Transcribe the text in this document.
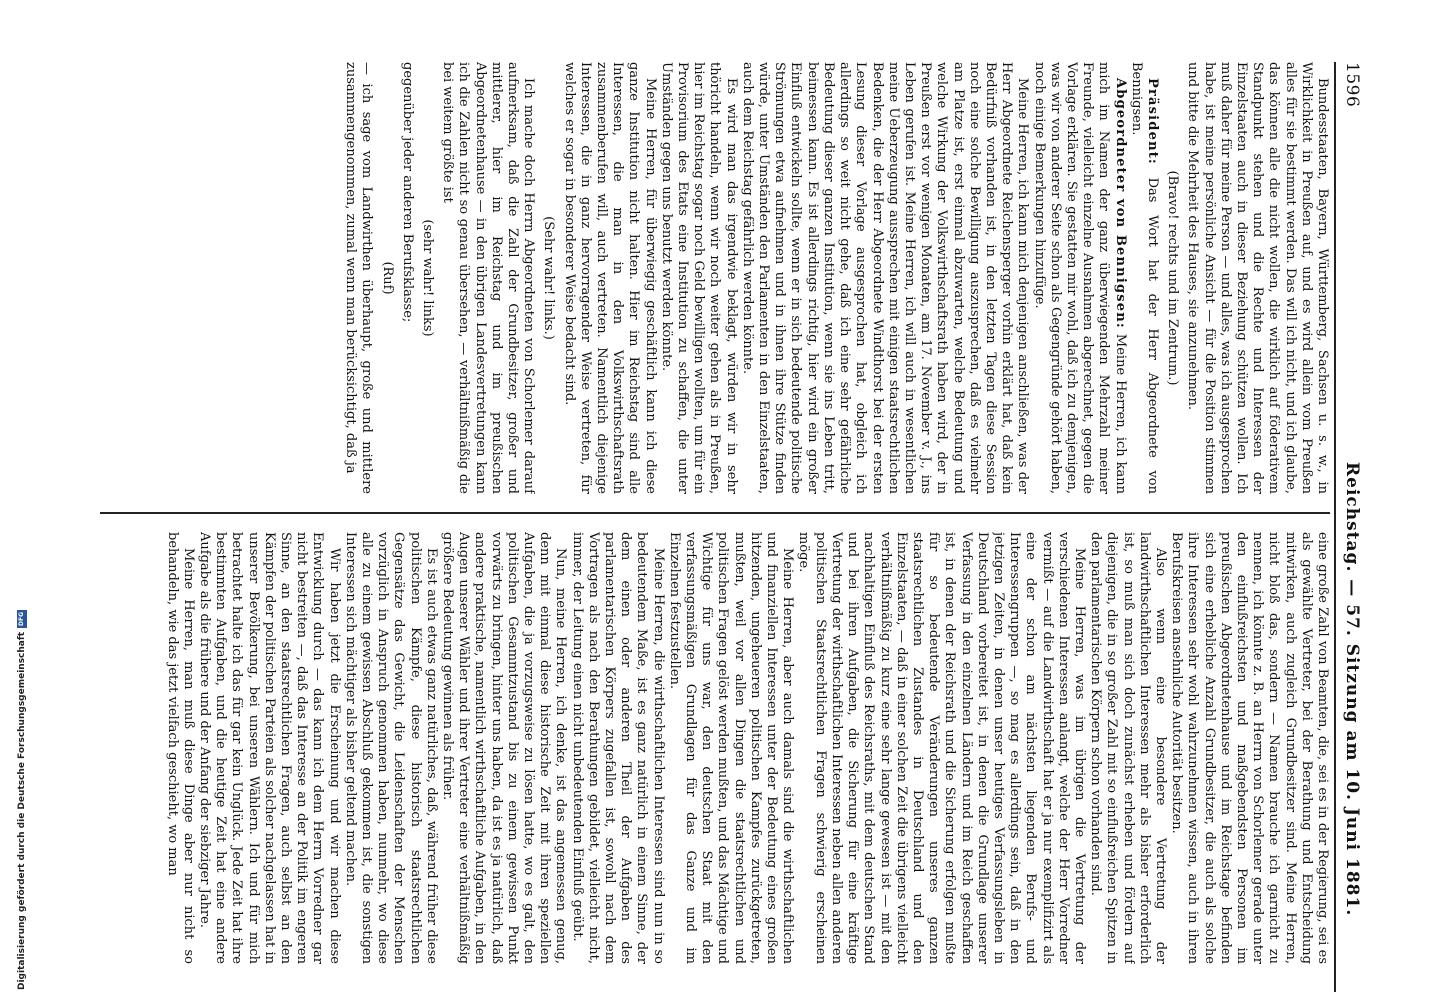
1596
Reichstag. — 57. Sitzung am 10. Juni 1881.

Bundesstaaten, Bayern, Württemberg, Sachsen u. s. w., in Wirklichkeit in Preußen auf, und es wird allein vom Preußen alles für sie bestimmt werden. Das will ich nicht, und ich glaube, das können alle die nicht wollen, die wirklich auf föderativem Standpunkt stehen und die Rechte und Interessen der Einzelstaaten auch in dieser Beziehung schützen wollen. Ich muß daher für meine Person — und alles, was ich ausgesprochen habe, ist meine persönliche Ansicht — für die Position stimmen und bitte die Mehrheit des Hauses, sie anzunehmen.

(Bravo! rechts und im Zentrum.)

Präsident: Das Wort hat der Herr Abgeordnete von Bennigsen.

Abgeordneter von Bennigsen: Meine Herren, ich kann mich im Namen der ganz überwiegenden Mehrzahl meiner Freunde, vielleicht einzelne Ausnahmen abgerechnet, gegen die Vorlage erklären. Sie gestatten mir wohl, daß ich zu demjenigen, was wir von anderer Seite schon als Gegengründe gehört haben, noch einige Bemerkungen hinzufüge.

Meine Herren, ich kann mich denjenigen anschließen, was der Herr Abgeordnete Reichensperger vorhin erklärt hat, daß kein Bedürfniß vorhanden ist, in den letzten Tagen diese Session noch eine solche Bewilligung auszusprechen, daß es vielmehr am Platze ist, erst einmal abzuwarten, welche Bedeutung und welche Wirkung der Volkswirthschaftsrath haben wird, der in Preußen erst vor wenigen Monaten, am 17. November v. J., ins Leben gerufen ist. Meine Herren, ich will auch in wesentlichen meine Ueberzeugung aussprechen mit einigen staatsrechtlichen Bedenken, die der Herr Abgeordnete Windthorst bei der ersten Lesung dieser Vorlage ausgesprochen hat, obgleich ich allerdings so weit nicht gehe, daß ich eine sehr gefährliche Bedeutung dieser ganzen Institution, wenn sie ins Leben tritt, beimessen kann. Es ist allerdings richtig, hier wird ein großer Einfluß entwickeln sollte, wenn er in sich bedeutende politische Strömungen etwa aufnehmen und in ihnen ihre Stütze finden würde, unter Umständen den Parlamenten in den Einzelstaaten, auch dem Reichstag gefährlich werden könnte.

Es wird man das irgendwie beklagt, würden wir in sehr thöricht handeln, wenn wir noch weiter gehen als in Preußen, hier im Reichstag sogar noch Geld bewilligen wollten, um für ein Provisorium des Etats eine Institution zu schaffen, die unter Umständen gegen uns benutzt werden könnte.

Meine Herren, für überwiegig geschäftlich kann ich diese ganze Institution nicht halten. Hier im Reichstag sind alle Interessen, die man in den Volkswirthschaftsrath zusammenberufen will, auch vertreten. Namentlich diejenige Interessen, die in ganz hervorragender Weise vertreten, für welches er sogar in besonderer Weise bedacht sind.

(Sehr wahr! links.)

Ich mache doch Herrn Abgeordneten von Schorlemer darauf aufmerksam, daß die Zahl der Grundbesitzer, großer und mittlerer, hier im Reichstag und im preußischen Abgeordnetenhause — in den übrigen Landesvertretungen kann ich die Zahlen nicht so genau übersehen, — verhältnißmäßig die bei weitem größte ist

(sehr wahr! links)

gegenüber jeder anderen Berufsklasse;

(Ruf)

— ich sage vom Landwirthen überhaupt, große und mittlere zusammengenommen, zumal wenn man berücksichtigt, daß ja

eine große Zahl von Beamten, die, sei es in der Regierung, sei es als gewählte Vertreter, bei der Berathung und Entscheidung mitwirken, auch zugleich Grundbesitzer sind. Meine Herren, nicht bloß das, sondern — Namen brauche ich garnicht zu nennen, ich könnte z. B. an Herrn von Schorlemer gerade unter den einflußreichsten und maßgebendsten Personen im preußischen Abgeordnetenhause und im Reichstage befinden sich eine erhebliche Anzahl Grundbesitzer, die auch als solche ihre Interessen sehr wohl wahrzunehmen wissen, auch in ihren Berufskreisen ansehnliche Autorität besitzen.

Also wenn eine besondere Vertretung der landwirthschaftlichen Interessen mehr als bisher erforderlich ist, so muß man sich doch zunächst erheben und fördern auf diejenigen, die in so großer Zahl mit so einflußreichen Spitzen in den parlamentarischen Körpern schon vorhanden sind.

Meine Herren, was im übrigen die Vertretung der verschiedenen Interessen anlangt, welche der Herr Vorredner vermißt — auf die Landwirthschaft hat er ja nur exemplifizirt als eine der schon am nächsten liegenden Berufs- und Interessengruppen —, so mag es allerdings sein, daß in den jetzigen Zeiten, in denen unser heutiges Verfassungsleben in Deutschland vorbereitet ist, in denen die Grundlage unserer Verfassung in den einzelnen Ländern und im Reich geschaffen ist, in denen der Reichsrath und die Sicherung erfolgen mußte für so bedeutende Veränderungen unseres ganzen staatsrechtlichen Zustandes in Deutschland und den Einzelstaaten, — daß in einer solchen Zeit die übrigens vielleicht verhältnißmäßig zu kurz eine sehr lange gewesen ist — mit den nachhaltigen Einfluß des Reichsraths, mit dem deutschen Stand und bei ihren Aufgaben, die Sicherung für eine kräftige Vertretung der wirthschaftlichen Interessen neben allen anderen politischen Staatsrechtlichen Fragen schwierig erscheinen möge.

Meine Herren, aber auch damals sind die wirthschaftlichen und finanziellen Interessen unter der Bedeutung eines großen hitzenden, ungeheueren politischen Kampfes zurückgetreten, mußten, weil vor allen Dingen die staatsrechtlichen und politischen Fragen gelöst werden mußten, und das Mächtige und Wichtige für uns war, den deutschen Staat mit den verfassungsmäßigen Grundlagen für das Ganze und im Einzelnen festzustellen.

Meine Herren, die wirthschaftlichen Interessen sind nun in so bedeutendem Maße, ist es ganz natürlich in einem Sinne, der dem einen oder anderen Theil der Aufgaben des parlamentarischen Körpers zugefallen ist, sowohl nach dem Vortragen als nach den Berathungen gebildet, vielleicht nicht, immer, der Leitung einen nicht unbedeutenden Einfluß geübt.

Nun, meine Herren, ich denke, ist das angemessen genug, denn mit einmal diese historische Zeit mit ihren speziellen Aufgaben, die ja vorzugsweise zu lösen hatte, wo es galt, den politischen Gesammtzustand bis zu einem gewissen Punkt vorwärts zu bringen, hinter uns haben, da ist es ja natürlich, daß andere praktische, namentlich wirthschaftliche Aufgaben, in den Augen unserer Wähler und ihrer Vertreter eine verhältnißmäßig größere Bedeutung gewinnen als früher.

Es ist auch etwas ganz natürliches, daß, während früher diese politischen Kämpfe, diese historisch staatsrechtlichen Gegensätze das Gewicht, die Leidenschaften der Menschen vorzüglich in Anspruch genommen haben, nunmehr, wo diese alle zu einem gewissen Abschluß gekommen ist, die sonstigen Interessen sich mächtiger als bisher geltend machen.

Wir haben jetzt die Erscheinung und wir machen diese Entwicklung durch — das kann ich dem Herrn Vorredner gar nicht bestreiten —, daß das Interesse an der Politik im engeren Sinne, an den staatsrechtlichen Fragen, auch selbst an den Kämpfen der politischen Parteien als solcher nachgelassen hat in unserer Bevölkerung, bei unseren Wählern. Ich und für mich betrachtet halte ich das für gar kein Unglück. Jede Zeit hat ihre bestimmten Aufgaben, und die heutige Zeit hat eine andere Aufgabe als die frühere und der Anfang der siebziger Jahre.

Meine Herren, man muß diese Dinge aber nur nicht so behandeln, wie das jetzt vielfach geschieht, wo man

Digitalisierung gefördert durch die Deutsche Forschungsgemeinschaft
DFG
